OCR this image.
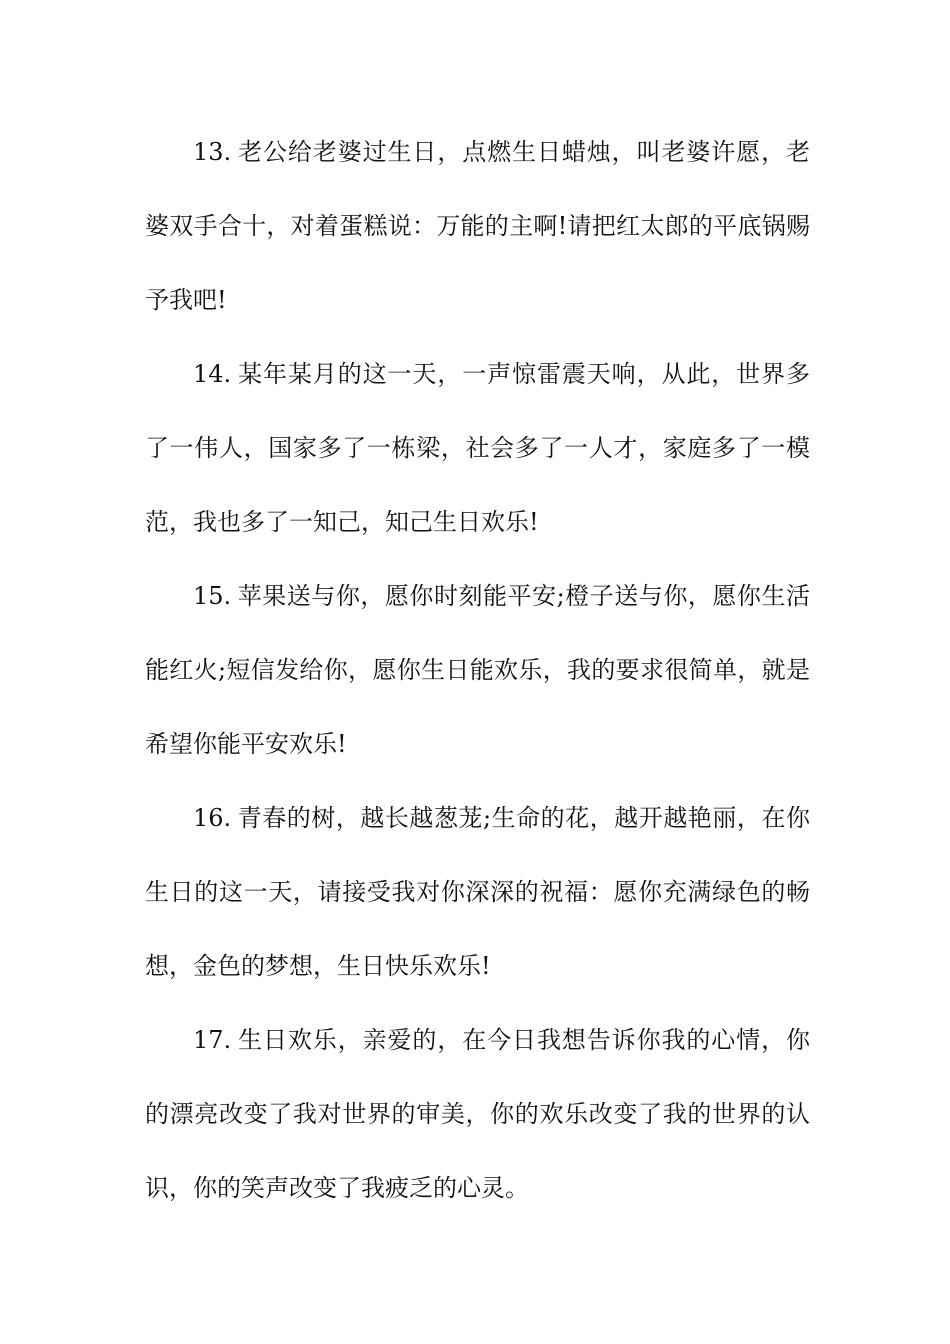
13. 老公给老婆过生日，点燃生日蜡烛，叫老婆许愿，老婆双手合十，对着蛋糕说：万能的主啊!请把红太郎的平底锅赐予我吧!

14. 某年某月的这一天，一声惊雷震天响，从此，世界多了一伟人，国家多了一栋梁，社会多了一人才，家庭多了一模范，我也多了一知己，知己生日欢乐!

15. 苹果送与你，愿你时刻能平安;橙子送与你，愿你生活能红火;短信发给你，愿你生日能欢乐，我的要求很简单，就是希望你能平安欢乐!

16. 青春的树，越长越葱茏;生命的花，越开越艳丽，在你生日的这一天，请接受我对你深深的祝福：愿你充满绿色的畅想，金色的梦想，生日快乐欢乐!

17. 生日欢乐，亲爱的，在今日我想告诉你我的心情，你的漂亮改变了我对世界的审美，你的欢乐改变了我的世界的认识，你的笑声改变了我疲乏的心灵。
